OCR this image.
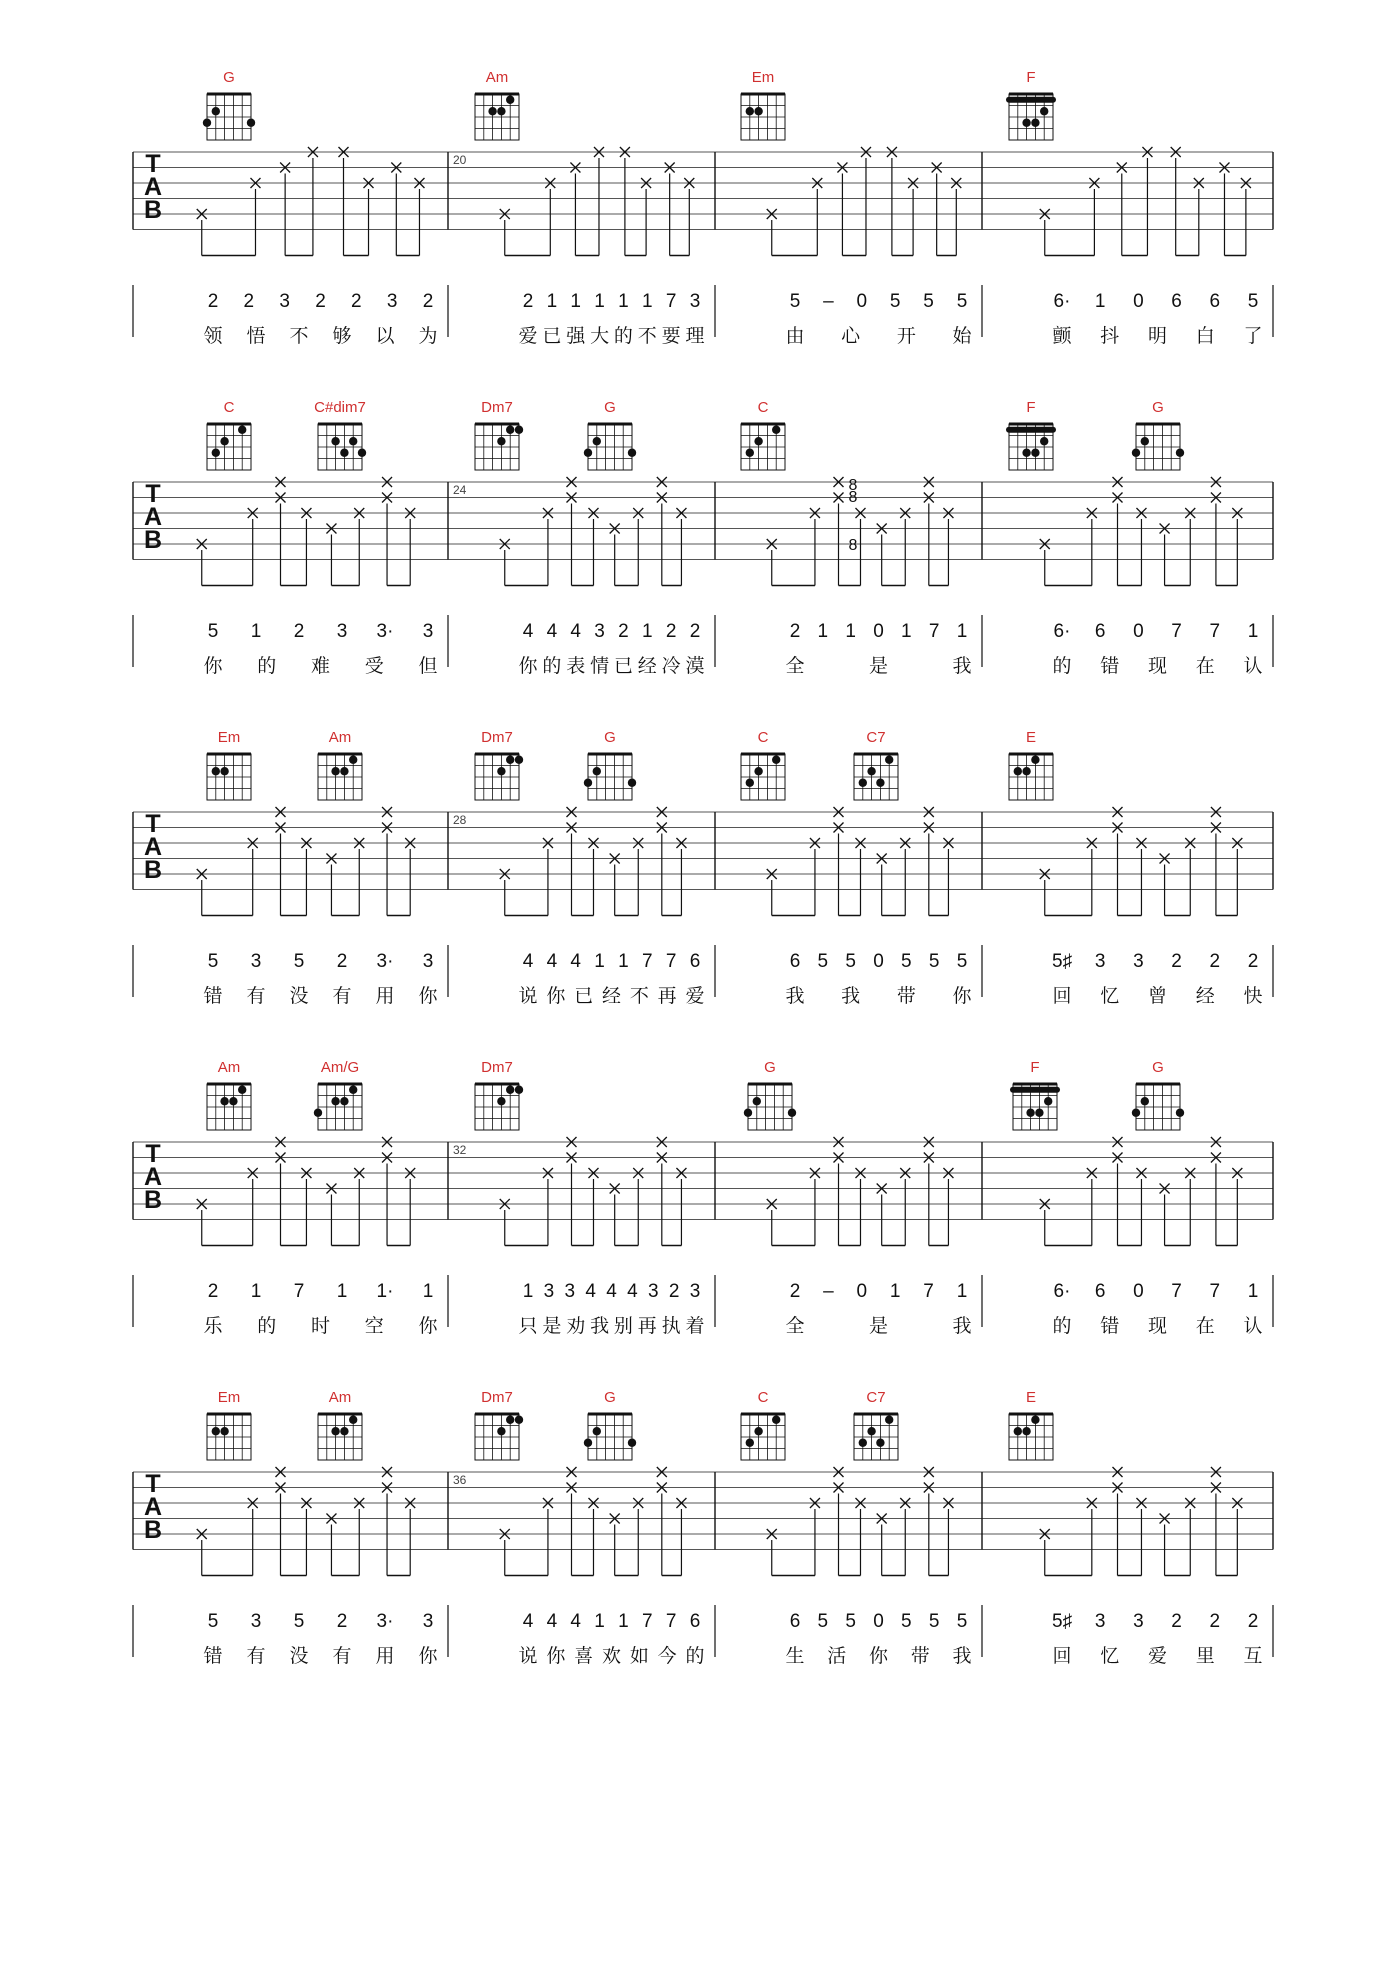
G	Am	Em	F
T
A
B
20
2 2 3 2 2 3 2
领 悟 不 够 以 为
2 1 1 1 1 1 7 3
爱 已 强 大 的 不 要 理
5 – 0 5 5 5
由 心 开 始
6· 1 0 6 6 5
颤 抖 明 白 了
C	C#dim7	Dm7	G	C	F	G
T
A
B
24	8
8
8
5 1 2 3 3· 3
你 的 难 受 但
4 4 4 3 2 1 2 2
你 的 表 情 已 经 冷 漠
2 1 1 0 1 7 1
全	是	我
6· 6 0 7 7 1
的 错 现 在 认
Em	Am	Dm7	G	C	C7	E
T
A
B
28
5 3 5 2 3· 3
错 有 没 有 用 你
4 4 4 1 1 7 7 6
说 你 已 经 不 再 爱
6 5 5 0 5 5 5
我 我 带 你
5♯ 3 3 2 2 2
回 忆 曾 经 快
Am	Am/G	Dm7	G	F	G
T
A
B
32
2 1 7 1 1· 1
乐 的 时 空 你
1 3 3 4 4 4 3 2 3
只 是 劝 我 别 再 执 着
2 – 0 1 7 1
全	是	我
6· 6 0 7 7 1
的 错 现 在 认
Em	Am	Dm7	G	C	C7	E
T
A
B
36
5 3 5 2 3· 3
错 有 没 有 用 你
4 4 4 1 1 7 7 6
说 你 喜 欢 如 今 的
6 5 5 0 5 5 5
生 活 你 带 我
5♯ 3 3 2 2 2
回 忆 爱 里 互
